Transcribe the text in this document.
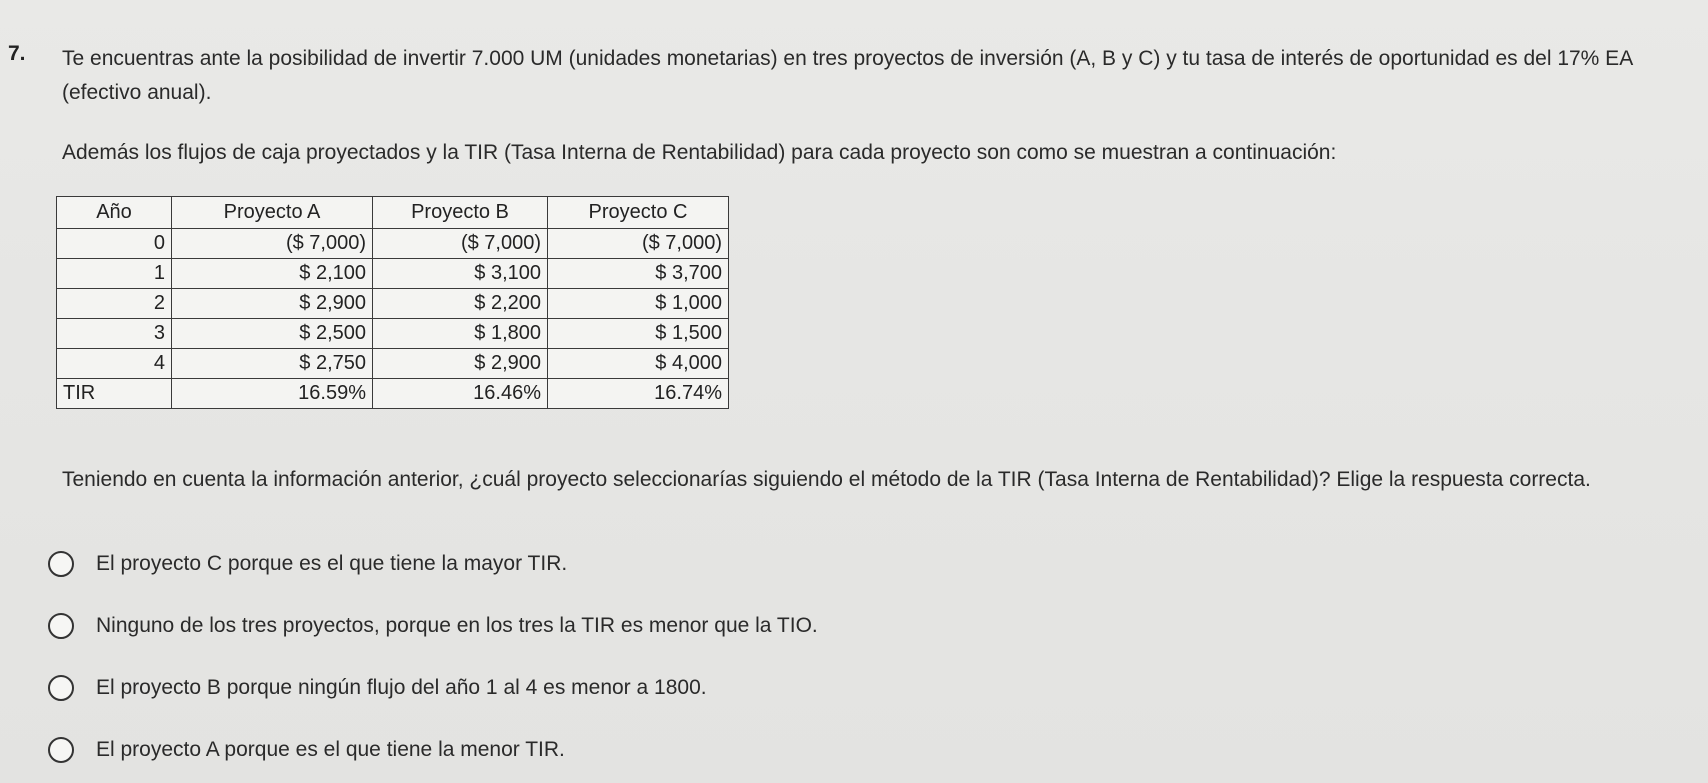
7. Te encuentras ante la posibilidad de invertir 7.000 UM (unidades monetarias) en tres proyectos de inversión (A, B y C) y tu tasa de interés de oportunidad es del 17% EA (efectivo anual).
Además los flujos de caja proyectados y la TIR (Tasa Interna de Rentabilidad) para cada proyecto son como se muestran a continuación:
Año	Proyecto A	Proyecto B	Proyecto C
0	($ 7,000)	($ 7,000)	($ 7,000)
1	$ 2,100	$ 3,100	$ 3,700
2	$ 2,900	$ 2,200	$ 1,000
3	$ 2,500	$ 1,800	$ 1,500
4	$ 2,750	$ 2,900	$ 4,000
TIR	16.59%	16.46%	16.74%
Teniendo en cuenta la información anterior, ¿cuál proyecto seleccionarías siguiendo el método de la TIR (Tasa Interna de Rentabilidad)? Elige la respuesta correcta.
El proyecto C porque es el que tiene la mayor TIR.
Ninguno de los tres proyectos, porque en los tres la TIR es menor que la TIO.
El proyecto B porque ningún flujo del año 1 al 4 es menor a 1800.
El proyecto A porque es el que tiene la menor TIR.
